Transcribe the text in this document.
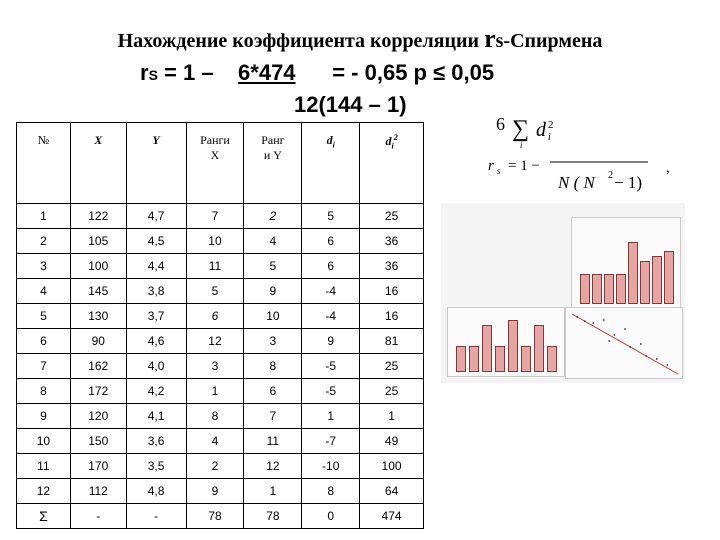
Нахождение коэффициента корреляции rs-Спирмена
rS = 1 –    6*474      = - 0,65 p ≤ 0,05
12(144 – 1)
№	X	Y	Ранги X	Ранг и Y	$d_i$	$d_i^2$
1	122	4,7	7	2	5	25
2	105	4,5	10	4	6	36
3	100	4,4	11	5	6	36
4	145	3,8	5	9	-4	16
5	130	3,7	6	10	-4	16
6	90	4,6	12	3	9	81
7	162	4,0	3	8	-5	25
8	172	4,2	1	6	-5	25
9	120	4,1	8	7	1	1
10	150	3,6	4	11	-7	49
11	170	3,5	2	12	-10	100
12	112	4,8	9	1	8	64
Σ	-	-	78	78	0	474
6 ∑ d i
2
i
r s = 1 −
N ( N 2 − 1)
,
